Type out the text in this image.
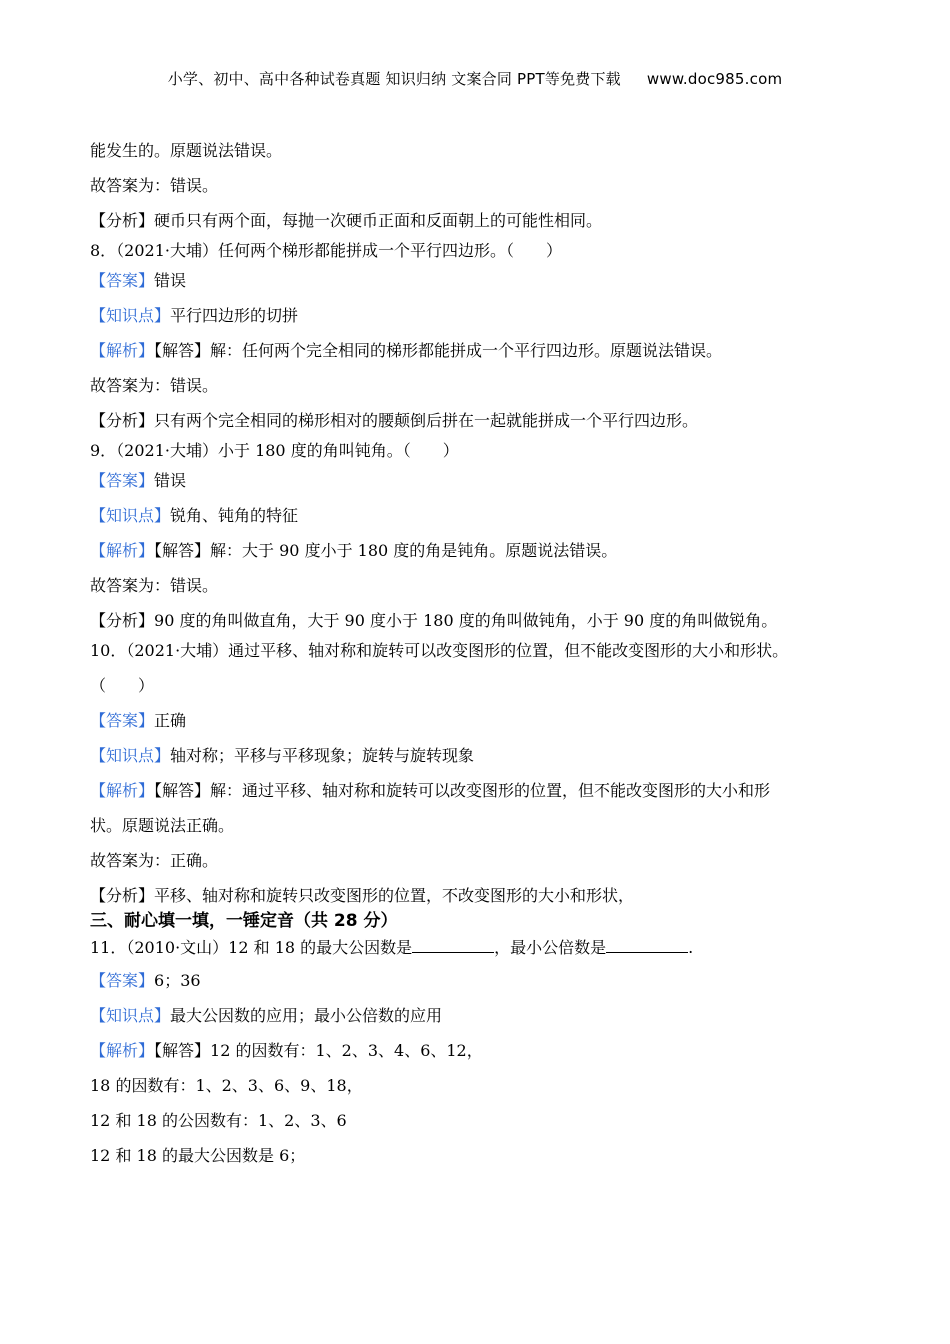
小学、初中、高中各种试卷真题 知识归纳 文案合同 PPT等免费下载 www.doc985.com
能发生的。原题说法错误。
故答案为：错误。
【分析】硬币只有两个面，每抛一次硬币正面和反面朝上的可能性相同。
8．（2021·大埔）任何两个梯形都能拼成一个平行四边形。（　　）
【答案】错误
【知识点】平行四边形的切拼
【解析】【解答】解：任何两个完全相同的梯形都能拼成一个平行四边形。原题说法错误。
故答案为：错误。
【分析】只有两个完全相同的梯形相对的腰颠倒后拼在一起就能拼成一个平行四边形。
9．（2021·大埔）小于 180 度的角叫钝角。（　　）
【答案】错误
【知识点】锐角、钝角的特征
【解析】【解答】解：大于 90 度小于 180 度的角是钝角。原题说法错误。
故答案为：错误。
【分析】90 度的角叫做直角，大于 90 度小于 180 度的角叫做钝角，小于 90 度的角叫做锐角。
10．（2021·大埔）通过平移、轴对称和旋转可以改变图形的位置，但不能改变图形的大小和形状。
（　　）
【答案】正确
【知识点】轴对称；平移与平移现象；旋转与旋转现象
【解析】【解答】解：通过平移、轴对称和旋转可以改变图形的位置，但不能改变图形的大小和形
状。原题说法正确。
故答案为：正确。
【分析】平移、轴对称和旋转只改变图形的位置，不改变图形的大小和形状，
三、耐心填一填，一锤定音（共 28 分）
11．（2010·文山）12 和 18 的最大公因数是	，最小公倍数是	.
【答案】6；36
【知识点】最大公因数的应用；最小公倍数的应用
【解析】【解答】12 的因数有：1、2、3、4、6、12，
18 的因数有：1、2、3、6、9、18，
12 和 18 的公因数有：1、2、3、6
12 和 18 的最大公因数是 6；
